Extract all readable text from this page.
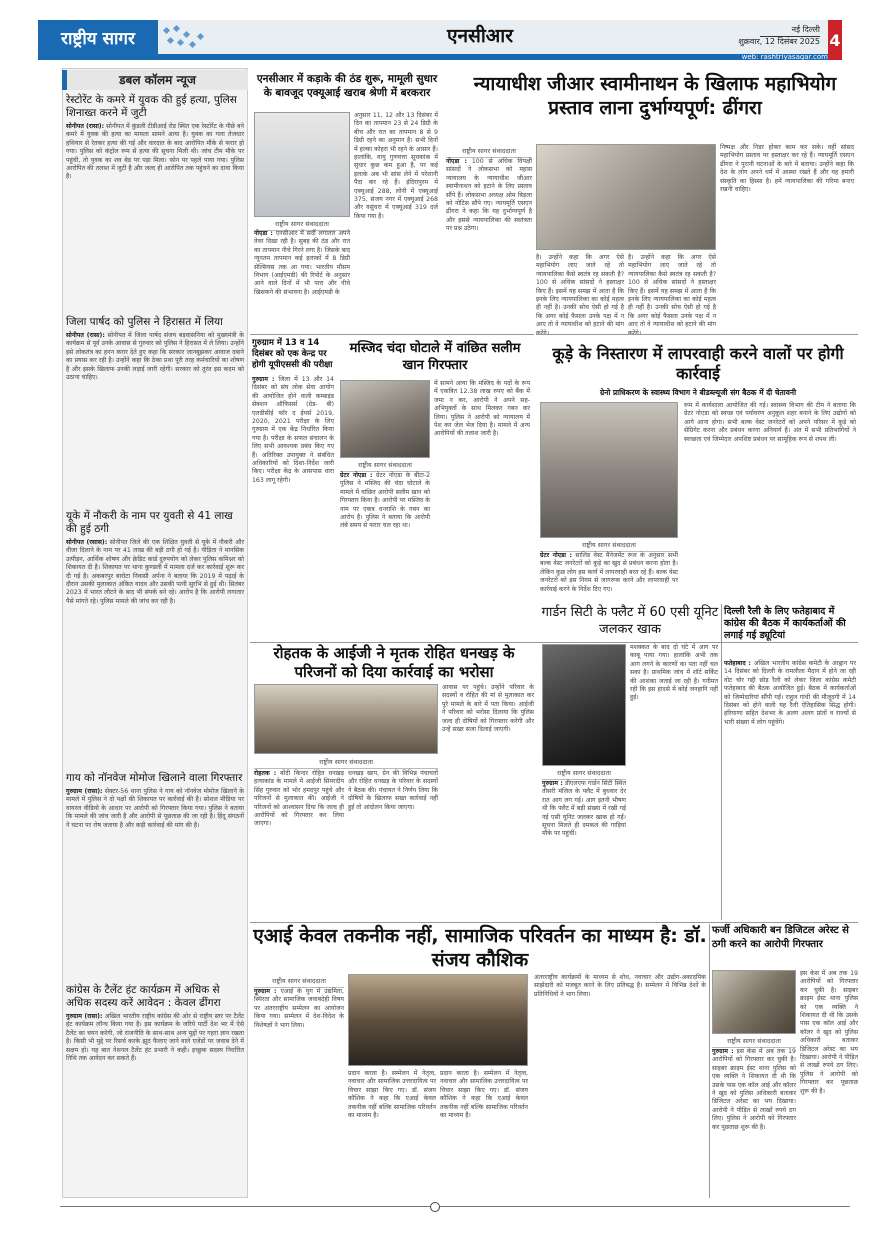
राष्ट्रीय सागर	एनसीआर	नई दिल्ली
शुक्रवार, 12 दिसंबर 2025
web: rashtriyasagar.com
4
डबल कॉलम न्यूज
रेस्टोरेंट के कमरे में युवक की हुई हत्या, पुलिस शिनाख्त करने में जुटी
सोनीपत (रासा): सोनीपत में कुंडली टीडीआई रोड स्थित एक रेस्टोरेंट के पीछे बने कमरे में युवक की हत्या का मामला सामने आया है। युवक का गला तेजधार हथियार से रेतकर हत्या की गई और वारदात के बाद आरोपित मौके से फरार हो गया। पुलिस को कंट्रोल रूम से हत्या की सूचना मिली थी। जांच टीम मौके पर पहुंची, तो युवक का शव बेड पर पड़ा मिला। फोन पर पहले पाया गया। पुलिस आरोपित की तलाश में जुटी है और जल्द ही आरोपित तक पहुंचने का दावा किया है।
जिला पार्षद को पुलिस ने हिरासत में लिया
सोनीपत (रासा): सोनीपत में जिला पार्षद संजय बड़वासनिया को मुख्यमंत्री के कार्यक्रम से पूर्व उनके आवास से गुरुवार को पुलिस ने हिरासत में ले लिया। उन्होंने इसे लोकतंत्र का हनन करार देते हुए कहा कि सरकार जानबूझकर आवाज दबाने का प्रयास कर रही है। उन्होंने कहा कि ठेका प्रथा पूरी तरह कर्मचारियों का शोषण है और इसके खिलाफ उनकी लड़ाई जारी रहेगी। सरकार को तुरंत इस कदम को उठाना चाहिए।
यूके में नौकरी के नाम पर युवती से 41 लाख की हुई ठगी
सोनीपत (रसास): सोनीपत जिले की एक शिक्षित युवती से यूके में नौकरी और वीजा दिलाने के नाम पर 41 लाख की बड़ी ठगी हो गई है। पीड़िता ने मानसिक उत्पीड़न, आर्थिक शोषण और क्रेडिट कार्ड दुरुपयोग को लेकर पुलिस कमिश्नर को शिकायत दी है। शिकायत पर थाना कुण्डली में मामला दर्ज कर कार्रवाई शुरू कर दी गई है। अकबरपुर बारोटा निवासी अर्पना ने बताया कि 2019 में पढ़ाई के दौरान उसकी मुलाकात अंकित यादव और उसकी पत्नी सुरभि से हुई थी। सितंबर 2023 में भारत लौटने के बाद भी संपर्क बने रहे। आरोप है कि आरोपी लगातार पैसे मांगते रहे। पुलिस मामले की जांच कर रही है।
गाय को नॉनवेज मोमोज खिलाने वाला गिरफ्तार
गुरुग्राम (रासा): सेक्टर-56 थाना पुलिस ने गाय को नॉनवेज मोमोज खिलाने के मामले में पुलिस ने दो पक्षों की शिकायत पर कार्रवाई की है। सोशल मीडिया पर वायरल वीडियो के आधार पर आरोपी को गिरफ्तार किया गया। पुलिस ने बताया कि मामले की जांच जारी है और आरोपी से पूछताछ की जा रही है। हिंदू संगठनों ने घटना पर रोष जताया है और कड़ी कार्रवाई की मांग की है।
कांग्रेस के टैलेंट हंट कार्यक्रम में अधिक से अधिक सदस्य करें आवेदन : केवल ढींगरा
गुरुग्राम (रासा): अखिल भारतीय राष्ट्रीय कांग्रेस की ओर से राष्ट्रीय स्तर पर टैलेंट हंट कार्यक्रम लॉन्च किया गया है। इस कार्यक्रम के जरिये पार्टी देश भर में ऐसे टैलेंट का चयन करेगी, जो राजनीति के साथ-साथ अन्य मुद्दों पर गहरा ज्ञान रखता है। किसी भी मुद्दे पर रिसर्च करके झूठ फैलाए जाने वाले एजेंडों पर जवाब देने में सक्षम हो। यह बात नेशनल टैलेंट हंट प्रभारी ने कही। इच्छुक सदस्य निर्धारित तिथि तक आवेदन कर सकते हैं।
एनसीआर में कड़ाके की ठंड शुरू, मामूली सुधार के बावजूद एक्यूआई खराब श्रेणी में बरकरार
राष्ट्रीय सागर संवाददाता
नोएडा : एनसीआर में सर्दी लगातार अपने तेवर दिखा रही है। सुबह की ठंड और रात का तापमान नीचे गिरने लगा है। जिसके बाद न्यूनतम तापमान कई इलाकों में 8 डिग्री सेल्सियस तक आ गया। भारतीय मौसम विभाग (आईएमडी) की रिपोर्ट के अनुसार आने वाले दिनों में भी पारा और नीचे खिसकने की संभावना है। आईएमडी के
अनुसार 11, 12 और 13 दिसंबर में दिन का तापमान 23 से 24 डिग्री के बीच और रात का तापमान 8 से 9 डिग्री रहने का अनुमान है। सभी दिनों में हल्का कोहरा भी रहने के आसार हैं। हालांकि, वायु गुणवत्ता सूचकांक में सुधार कुछ कम हुआ है, पर कई इलाके अब भी सांस लेने में परेशानी पैदा कर रहे हैं। इंदिरापुरम में एक्यूआई 288, लोनी में एक्यूआई 375, संजय नगर में एक्यूआई 268 और वसुंधरा में एक्यूआई 319 दर्ज किया गया है।
गुरुग्राम में 13 व 14 दिसंबर को एक केन्द्र पर होगी यूपीएससी की परीक्षा
गुरुग्राम : जिला में 13 और 14 दिसंबर को संघ लोक सेवा आयोग की आयोजित होने वाली कम्बाइंड सेक्शन ऑफिसर्स (ग्रेड- बी) एलडीसीई फॉर द ईयर्स 2019, 2020, 2021 परीक्षा के लिए गुरुग्राम में एक केंद्र निर्धारित किया गया है। परीक्षा के सफल संचालन के लिए सभी आवश्यक प्रबंध किए गए हैं। अतिरिक्त उपायुक्त ने संबंधित अधिकारियों को दिशा-निर्देश जारी किए। परीक्षा केंद्र के आसपास धारा 163 लागू रहेगी।
न्यायाधीश जीआर स्वामीनाथन के खिलाफ महाभियोग प्रस्ताव लाना दुर्भाग्यपूर्ण: ढींगरा
राष्ट्रीय सागर संवाददाता
नोएडा : 100 से अधिक विपक्षी सांसदों ने लोकसभा को महास न्यायालय के न्यायाधीश जीआर स्वामीनाथन को हटाने के लिए प्रस्ताव सौंपे हैं। लोकसभा अध्यक्ष ओम बिड़ला को नोटिस सौंपे गए। न्यायमूर्ति एसएन ढींगरा ने कहा कि यह दुर्भाग्यपूर्ण है और इससे न्यायपालिका की स्वतंत्रता पर प्रश्न उठेगा।
है। उन्होंने कहा कि अगर ऐसे महाभियोग लाए जाते रहे तो न्यायपालिका कैसे स्वतंत्र रह सकती है? 100 से अधिक सांसदों ने हस्ताक्षर किए हैं। इसमें यह समझ में आता है कि इनके लिए न्यायपालिका का कोई महत्व ही नहीं है। उनकी सोच ऐसी हो गई है कि अगर कोई फैसला उनके पक्ष में न आए तो वे न्यायाधीश को हटाने की मांग
है। उन्होंने कहा कि अगर ऐसे महाभियोग लाए जाते रहे तो न्यायपालिका कैसे स्वतंत्र रह सकती है? 100 से अधिक सांसदों ने हस्ताक्षर किए हैं। इसमें यह समझ में आता है कि इनके लिए न्यायपालिका का कोई महत्व ही नहीं है। उनकी सोच ऐसी हो गई है कि अगर कोई फैसला उनके पक्ष में न आए तो वे न्यायाधीश को हटाने की मांग
निष्पक्ष और निडर होकर काम कर सके। वहीं सांसद महाभियोग प्रस्ताव पर हस्ताक्षर कर रहे हैं। न्यायमूर्ति एसएन ढींगरा ने पुरानी घटनाओं के बारे में बताया। उन्होंने कहा कि देश के लोग अपने धर्म में आस्था रखते हैं और यह हमारी संस्कृति का हिस्सा है। हमें न्यायपालिका की गरिमा बनाए रखनी चाहिए।
मस्जिद चंदा घोटाले में वांछित सलीम खान गिरफ्तार
राष्ट्रीय सागर संवाददाता
ग्रेटर नोएडा : ग्रेटर नोएडा के बीटा-2 पुलिस ने मस्जिद की चंदा घोटाले के मामले में वांछित आरोपी सलीम खान को गिरफ्तार किया है। आरोपी पर मस्जिद के नाम पर एकत्र धनराशि के गबन का आरोप है। पुलिस ने बताया कि आरोपी लंबे समय से फरार चल रहा था।
में सामने आया कि मस्जिद के पदों के रूप में एकत्रित 12.38 लाख रुपए को बैंक में जमा न कर, आरोपी ने अपने सह-अभियुक्तों के साथ मिलकर गबन कर लिया। पुलिस ने आरोपी को न्यायालय में पेश कर जेल भेज दिया है। मामले में अन्य आरोपियों की तलाश जारी है।
कूड़े के निस्तारण में लापरवाही करने वालों पर होगी कार्रवाई
ग्रेनो प्राधिकरण के स्वास्थ्य विभाग ने बीडब्ल्यूजी संग बैठक में दी चेतावनी
राष्ट्रीय सागर संवाददाता
ग्रेटर नोएडा : सालिड वेस्ट मैनेजमेंट रूल के अनुसार सभी बल्क वेस्ट जनरेटरों को कूड़े का खुद से प्रबंधन करना होता है। लेकिन कुछ लोग इस कार्य में लापरवाही बरत रहे हैं। बल्क वेस्ट जनरेटरों को इस नियम से जागरूक करने और लापरवाही पर कार्रवाई करने के निर्देश दिए गए।
रूम में कार्यशाला आयोजित की गई। स्वास्थ्य विभाग की टीम ने बताया कि ग्रेटर नोएडा को स्वच्छ एवं पर्यावरण अनुकूल शहर बनाने के लिए उद्योगों को आगे आना होगा। सभी बल्क वेस्ट जनरेटरों को अपने परिसर में कूड़े को सेग्रिगेट करना और प्रबंधन करना अनिवार्य है। अंत में सभी प्रतिभागियों ने स्वच्छता एवं जिम्मेदार अपशिष्ट प्रबंधन पर सामूहिक रूप से शपथ ली।
रोहतक के आईजी ने मृतक रोहित धनखड़ के परिजनों को दिया कार्रवाई का भरोसा
राष्ट्रीय सागर संवाददाता
रोहतक : बोंदी किन्दर रोहित धनखड़ हत्याकांड के मामले में आईजी सिमरदीप सिंह गुरुवार को भोर हमदपुर पहुंचे और परिजनों से मुलाकात की। आईजी ने परिजनों को आश्वासन दिया कि जल्द ही आरोपियों को गिरफ्तार कर लिया जाएगा।
धनखड़ खाप, ग्रेन की विभिन्न पंचायतों और रोहित धनखड़ के परिवार के सदस्यों ने बैठक की। पंचायत ने निर्णय लिया कि दोषियों के खिलाफ सख्त कार्रवाई नहीं हुई तो आंदोलन किया जाएगा।
आवास पर पहुंचे। उन्होंने परिवार के सदस्यों व रोहित की मां से मुलाकात कर पूरे मामले के बारे में पता किया। आईजी ने परिवार को भरोसा दिलाया कि पुलिस जल्द ही दोषियों को गिरफ्तार करेगी और उन्हें सख्त सजा दिलाई जाएगी।
गार्डन सिटी के फ्लैट में 60 एसी यूनिट जलकर खाक
राष्ट्रीय सागर संवाददाता
गुरुग्राम : डीएलएफ गार्डन सिटी स्थित तीसरी मंजिल के फ्लैट में बुधवार देर रात आग लग गई। आग इतनी भीषण थी कि फ्लैट में बड़ी संख्या में रखी गई नई एसी यूनिट जलकर खाक हो गईं। सूचना मिलते ही दमकल की गाड़ियां मौके पर पहुंचीं।
मशक्कत के बाद दो घंटे में आग पर काबू पाया गया। हालांकि अभी तक आग लगने के कारणों का पता नहीं चल सका है। प्राथमिक जांच में शॉर्ट सर्किट की आशंका जताई जा रही है। गनीमत रही कि इस हादसे में कोई जनहानि नहीं हुई।
दिल्ली रैली के लिए फतेहाबाद में कांग्रेस की बैठक में कार्यकर्ताओं की लगाई गई ड्यूटियां
फतेहाबाद : अखिल भारतीय कांग्रेस कमेटी के आह्वान पर 14 दिसंबर को दिल्ली के रामलीला मैदान में होने जा रही वोट चोर गद्दी छोड़ रैली को लेकर जिला कांग्रेस कमेटी फतेहाबाद की बैठक आयोजित हुई। बैठक में कार्यकर्ताओं को जिम्मेदारियां सौंपी गईं। राहुल गांधी की मौजूदगी में 14 दिसंबर को होने वाली यह रैली ऐतिहासिक सिद्ध होगी। हरियाणा सहित देशभर के अलग अलग प्रांतों व राज्यों से भारी संख्या में लोग पहुंचेंगे।
एआई केवल तकनीक नहीं, सामाजिक परिवर्तन का माध्यम है: डॉ. संजय कौशिक
राष्ट्रीय सागर संवाददाता
गुरुग्राम : एआई के युग में उद्यमिता, स्थिरता और सामाजिक जवाबदेही विषय पर अंतरराष्ट्रीय सम्मेलन का आयोजन किया गया। सम्मेलन में देश-विदेश के विशेषज्ञों ने भाग लिया।
प्रदान करता है। सम्मेलन में नेतृत्व, नवाचार और सामाजिक उत्तरदायित्व पर विचार साझा किए गए। डॉ. संजय कौशिक ने कहा कि एआई केवल तकनीक नहीं बल्कि सामाजिक परिवर्तन का माध्यम है।
प्रदान करता है। सम्मेलन में नेतृत्व, नवाचार और सामाजिक उत्तरदायित्व पर विचार साझा किए गए। डॉ. संजय कौशिक ने कहा कि एआई केवल तकनीक नहीं बल्कि सामाजिक परिवर्तन का माध्यम है।
अंतरराष्ट्रीय कार्यक्रमों के माध्यम से शोध, नवाचार और उद्योग-अकादमिक साझेदारी को मजबूत करने के लिए प्रतिबद्ध है। सम्मेलन में विभिन्न देशों के प्रतिनिधियों ने भाग लिया।
फर्जी अधिकारी बन डिजिटल अरेस्ट से ठगी करने का आरोपी गिरफ्तार
राष्ट्रीय सागर संवाददाता
गुरुग्राम : इस केस में अब तक 19 आरोपियों को गिरफ्तार कर चुकी है। साइबर क्राइम ईस्ट थाना पुलिस को एक व्यक्ति ने शिकायत दी थी कि उसके पास एक कॉल आई और कॉलर ने खुद को पुलिस अधिकारी बताकर डिजिटल अरेस्ट का भय दिखाया। आरोपी ने पीड़ित से लाखों रुपये ठग लिए। पुलिस ने आरोपी को गिरफ्तार कर पूछताछ शुरू की है।
इस केस में अब तक 19 आरोपियों को गिरफ्तार कर चुकी है। साइबर क्राइम ईस्ट थाना पुलिस को एक व्यक्ति ने शिकायत दी थी कि उसके पास एक कॉल आई और कॉलर ने खुद को पुलिस अधिकारी बताकर डिजिटल अरेस्ट का भय दिखाया। आरोपी ने पीड़ित से लाखों रुपये ठग लिए। पुलिस ने आरोपी को गिरफ्तार कर पूछताछ शुरू की है।
